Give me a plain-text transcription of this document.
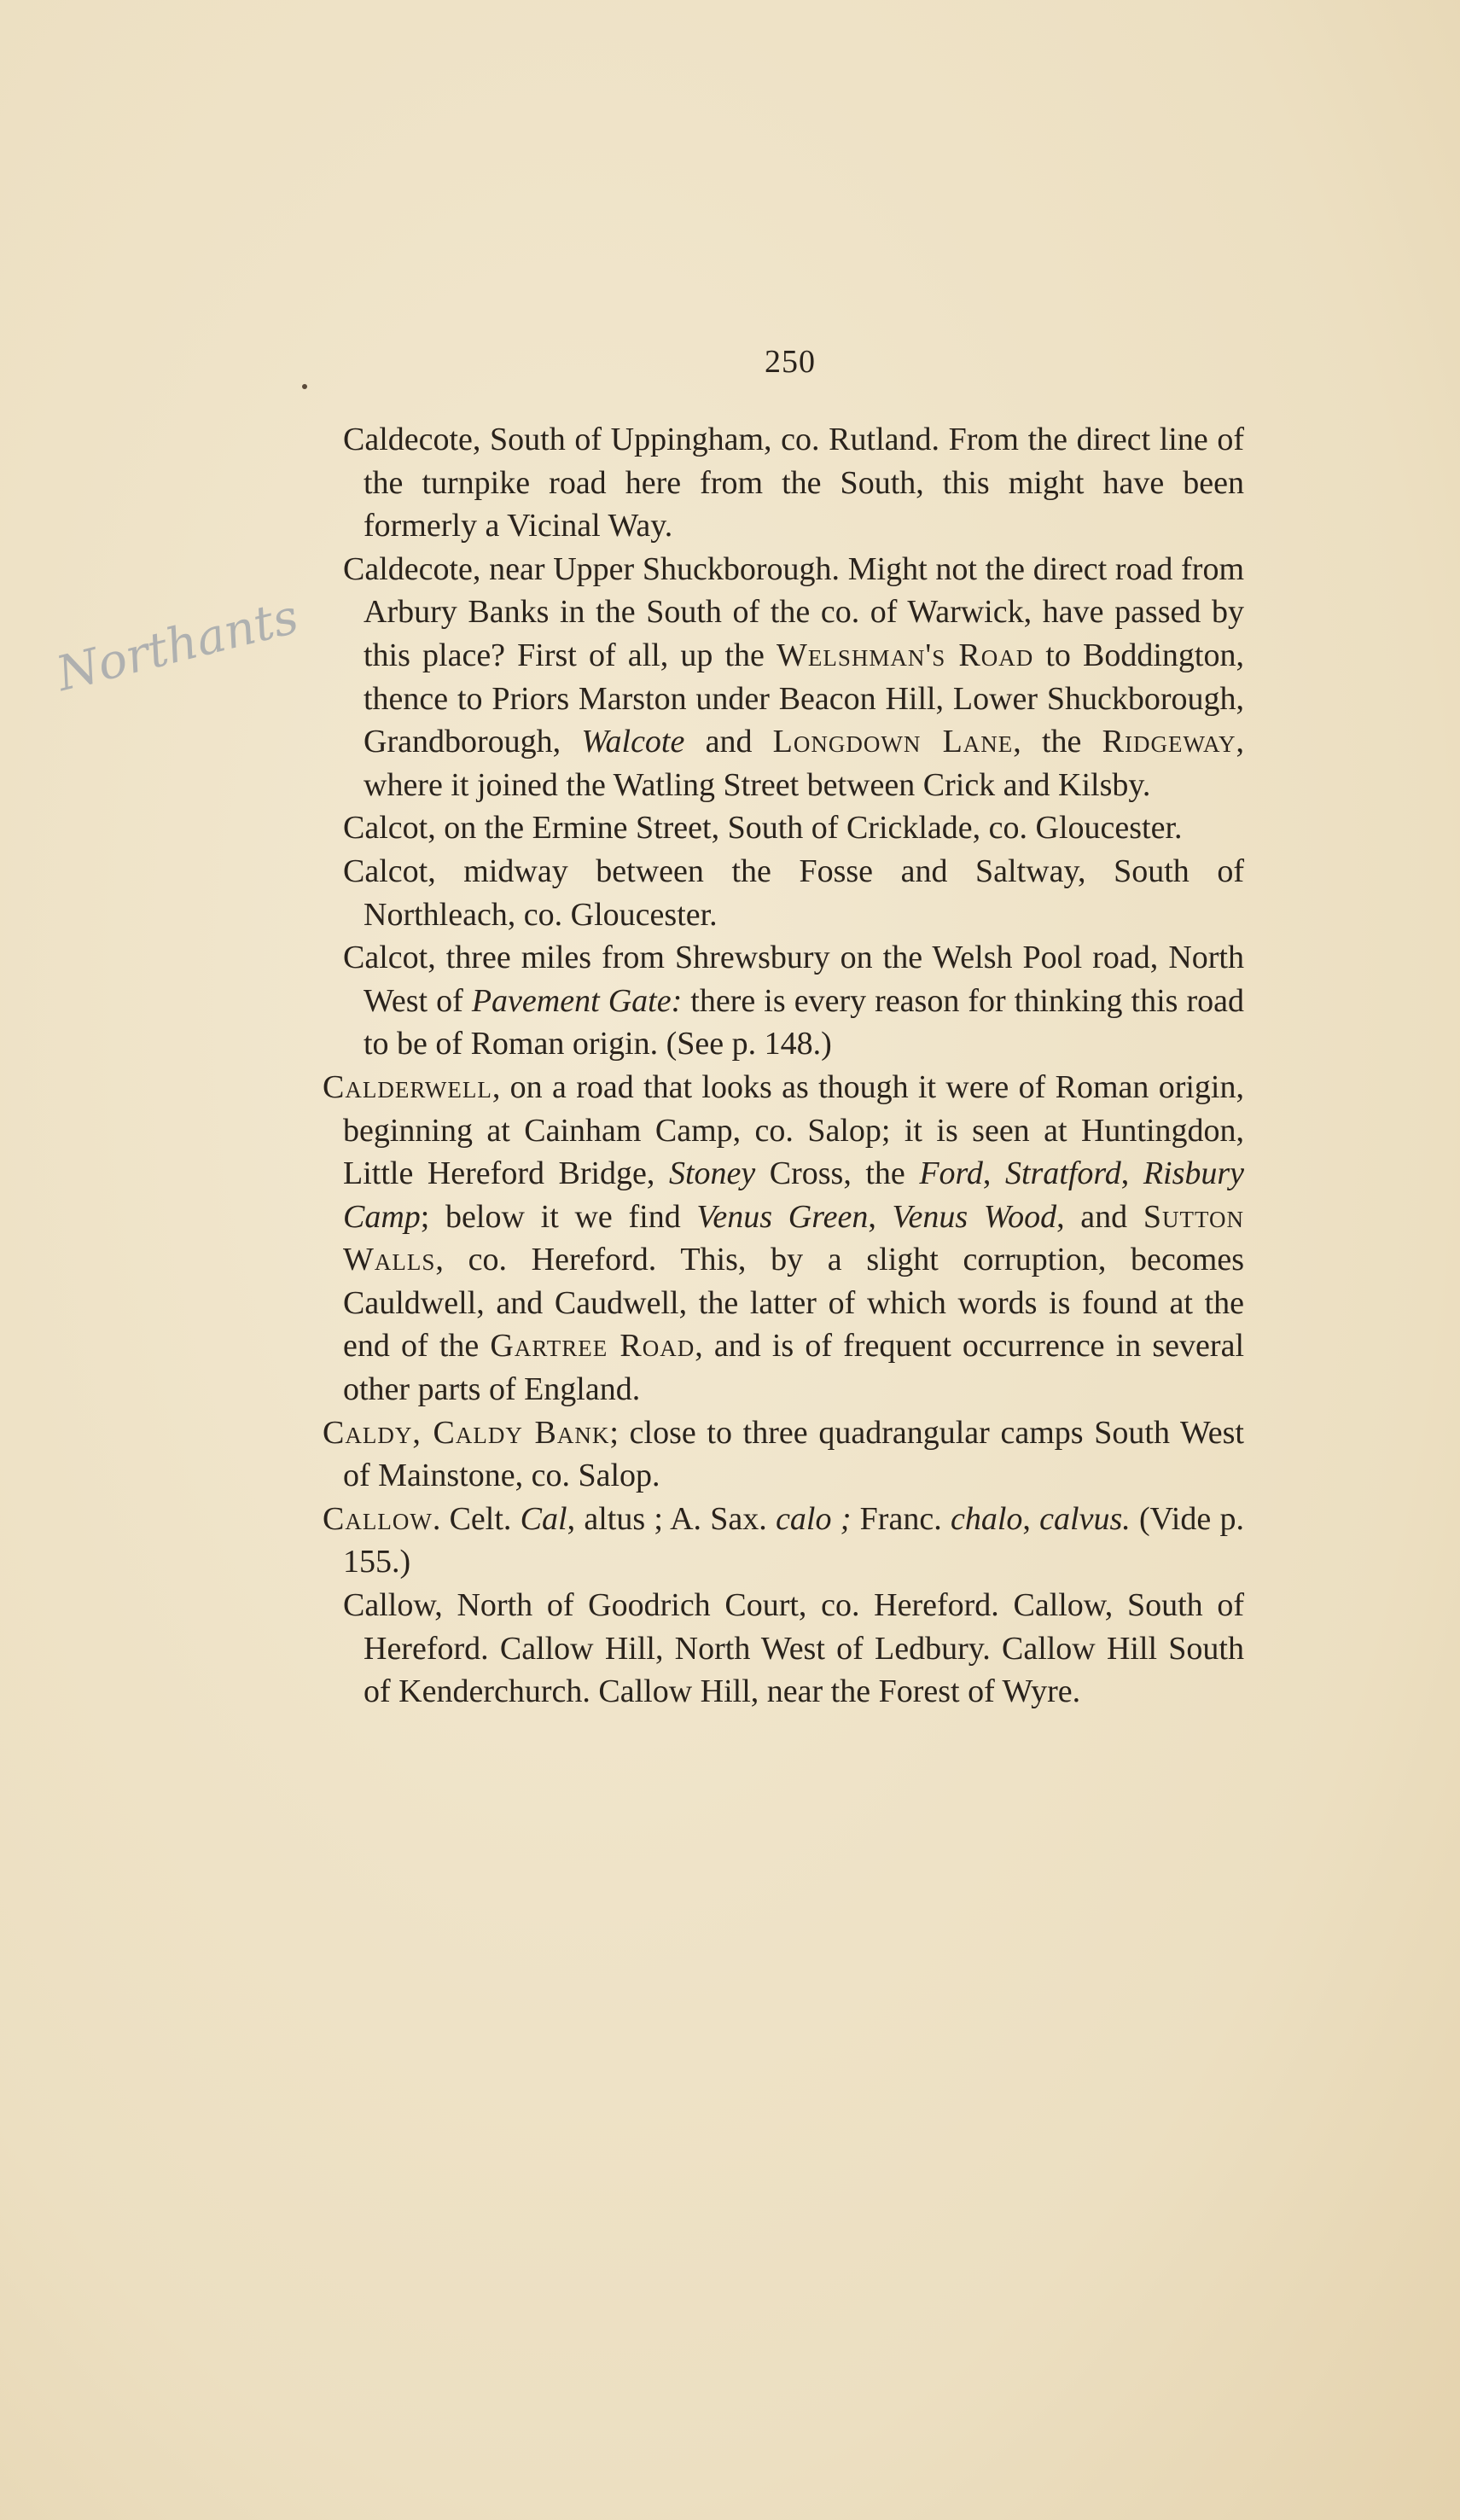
250
Northants

Caldecote, South of Uppingham, co. Rutland. From the direct line of the turnpike road here from the South, this might have been formerly a Vicinal Way.

Caldecote, near Upper Shuckborough. Might not the direct road from Arbury Banks in the South of the co. of Warwick, have passed by this place? First of all, up the Welshman's Road to Boddington, thence to Priors Marston under Beacon Hill, Lower Shuckborough, Grandborough, Walcote and Longdown Lane, the Ridgeway, where it joined the Watling Street between Crick and Kilsby.

Calcot, on the Ermine Street, South of Cricklade, co. Gloucester.

Calcot, midway between the Fosse and Saltway, South of Northleach, co. Gloucester.

Calcot, three miles from Shrewsbury on the Welsh Pool road, North West of Pavement Gate: there is every reason for thinking this road to be of Roman origin. (See p. 148.)

Calderwell, on a road that looks as though it were of Roman origin, beginning at Cainham Camp, co. Salop; it is seen at Huntingdon, Little Hereford Bridge, Stoney Cross, the Ford, Stratford, Risbury Camp; below it we find Venus Green, Venus Wood, and Sutton Walls, co. Hereford. This, by a slight corruption, becomes Cauldwell, and Caudwell, the latter of which words is found at the end of the Gartree Road, and is of frequent occurrence in several other parts of England.

Caldy, Caldy Bank; close to three quadrangular camps South West of Mainstone, co. Salop.

Callow. Celt. Cal, altus ; A. Sax. calo ; Franc. chalo, calvus. (Vide p. 155.)

Callow, North of Goodrich Court, co. Hereford. Callow, South of Hereford. Callow Hill, North West of Ledbury. Callow Hill South of Kenderchurch. Callow Hill, near the Forest of Wyre.
